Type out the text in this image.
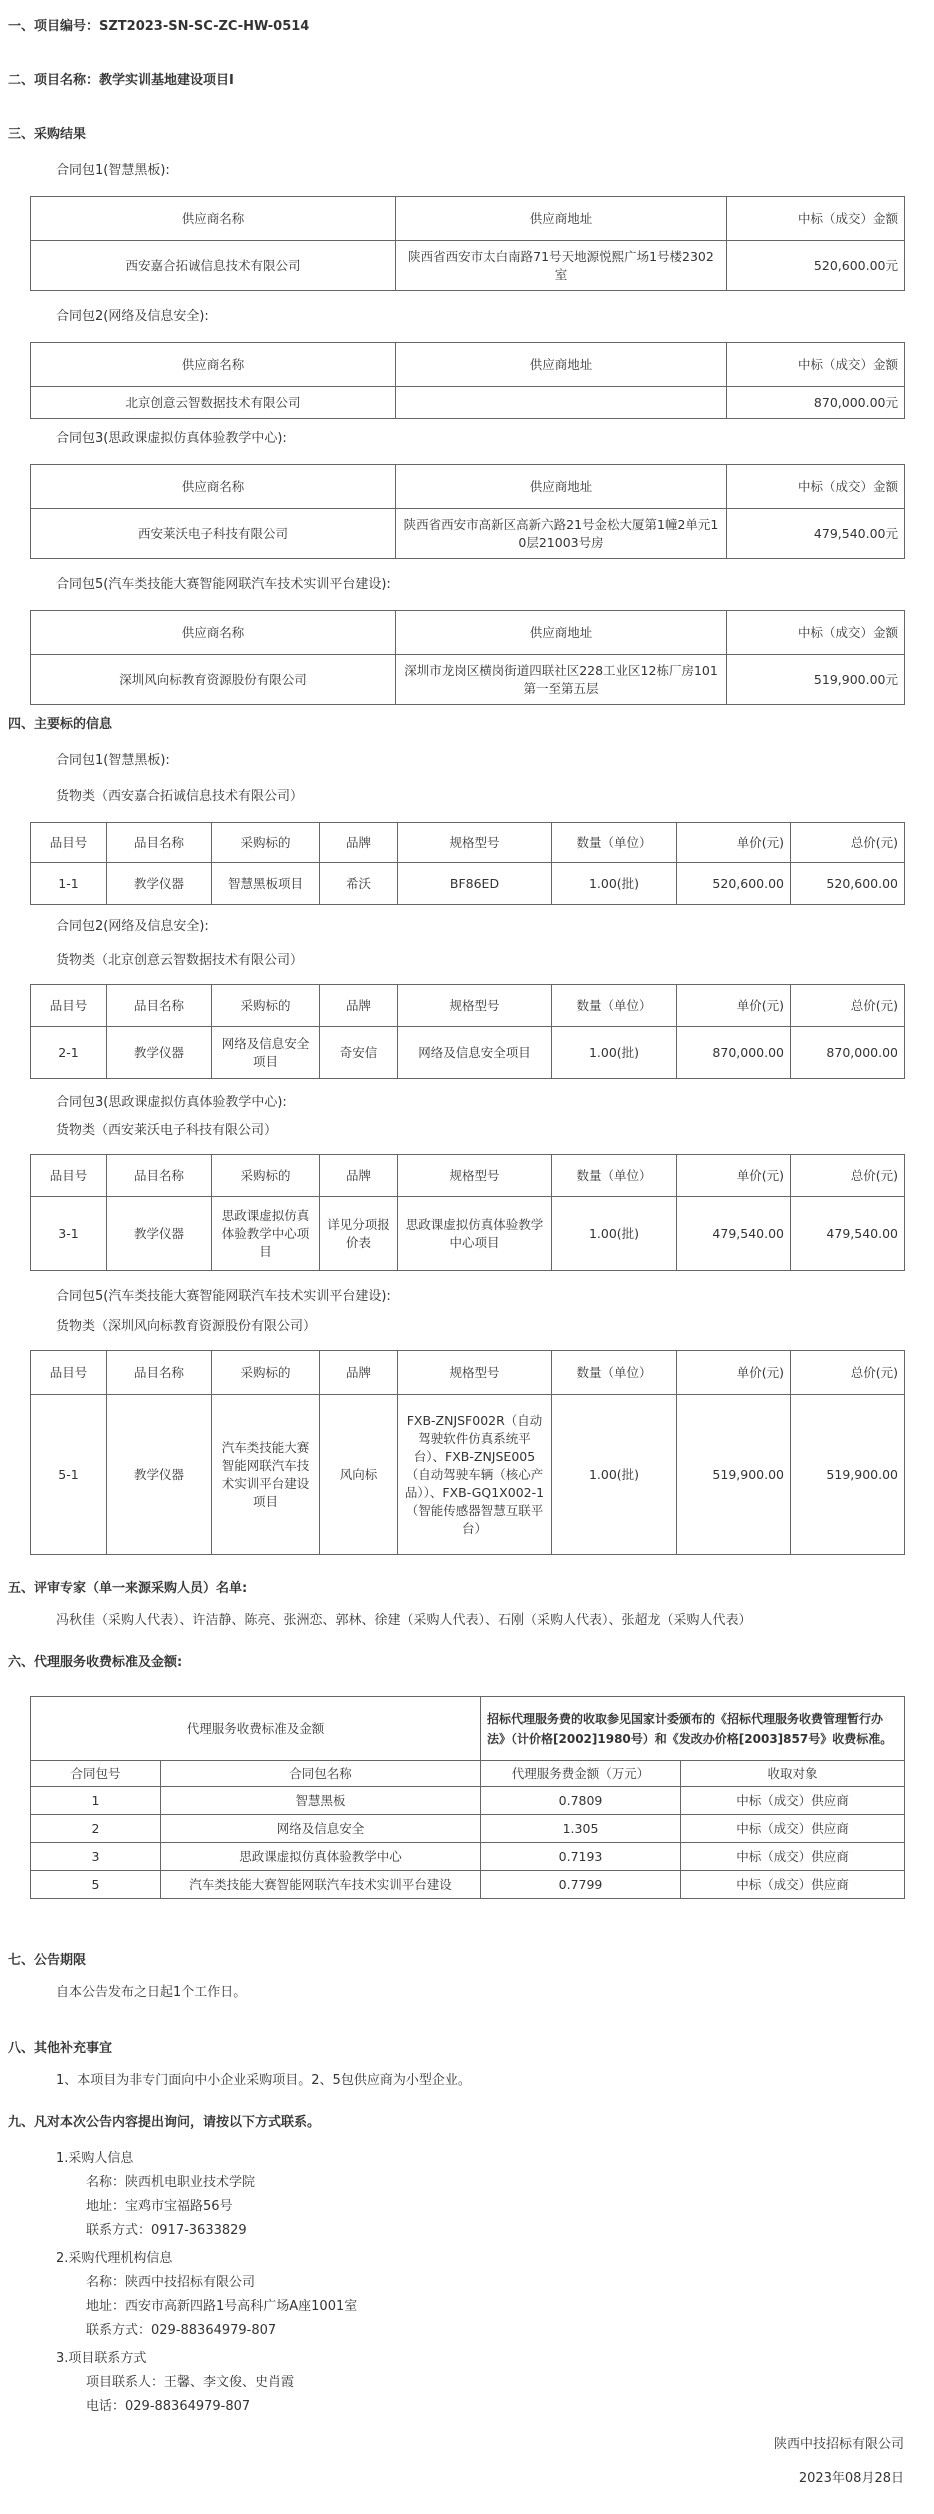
一、项目编号：SZT2023-SN-SC-ZC-HW-0514
二、项目名称：教学实训基地建设项目Ⅰ
三、采购结果
合同包1(智慧黑板):
供应商名称	供应商地址	中标（成交）金额
西安嘉合拓诚信息技术有限公司	陕西省西安市太白南路71号天地源悦熙广场1号楼2302室	520,600.00元
合同包2(网络及信息安全):
供应商名称	供应商地址	中标（成交）金额
北京创意云智数据技术有限公司		870,000.00元
合同包3(思政课虚拟仿真体验教学中心):
供应商名称	供应商地址	中标（成交）金额
西安莱沃电子科技有限公司	陕西省西安市高新区高新六路21号金松大厦第1幢2单元10层21003号房	479,540.00元
合同包5(汽车类技能大赛智能网联汽车技术实训平台建设):
供应商名称	供应商地址	中标（成交）金额
深圳风向标教育资源股份有限公司	深圳市龙岗区横岗街道四联社区228工业区12栋厂房101第一至第五层	519,900.00元
四、主要标的信息
合同包1(智慧黑板):
货物类（西安嘉合拓诚信息技术有限公司）
品目号	品目名称	采购标的	品牌	规格型号	数量（单位）	单价(元)	总价(元)
1-1	教学仪器	智慧黑板项目	希沃	BF86ED	1.00(批)	520,600.00	520,600.00
合同包2(网络及信息安全):
货物类（北京创意云智数据技术有限公司）
品目号	品目名称	采购标的	品牌	规格型号	数量（单位）	单价(元)	总价(元)
2-1	教学仪器	网络及信息安全项目	奇安信	网络及信息安全项目	1.00(批)	870,000.00	870,000.00
合同包3(思政课虚拟仿真体验教学中心):
货物类（西安莱沃电子科技有限公司）
品目号	品目名称	采购标的	品牌	规格型号	数量（单位）	单价(元)	总价(元)
3-1	教学仪器	思政课虚拟仿真体验教学中心项目	详见分项报价表	思政课虚拟仿真体验教学中心项目	1.00(批)	479,540.00	479,540.00
合同包5(汽车类技能大赛智能网联汽车技术实训平台建设):
货物类（深圳风向标教育资源股份有限公司）
品目号	品目名称	采购标的	品牌	规格型号	数量（单位）	单价(元)	总价(元)
5-1	教学仪器	汽车类技能大赛智能网联汽车技术实训平台建设项目	风向标	FXB-ZNJSF002R（自动驾驶软件仿真系统平台）、FXB-ZNJSE005（自动驾驶车辆（核心产品））、FXB-GQ1X002-1（智能传感器智慧互联平台）	1.00(批)	519,900.00	519,900.00
五、评审专家（单一来源采购人员）名单:
冯秋佳（采购人代表）、许洁静、陈亮、张洲恋、郭林、徐建（采购人代表）、石刚（采购人代表）、张超龙（采购人代表）
六、代理服务收费标准及金额:
代理服务收费标准及金额		招标代理服务费的收取参见国家计委颁布的《招标代理服务收费管理暂行办法》（计价格[2002]1980号）和《发改办价格[2003]857号》收费标准。	
合同包号	合同包名称	代理服务费金额（万元）	收取对象
1	智慧黑板	0.7809	中标（成交）供应商
2	网络及信息安全	1.305	中标（成交）供应商
3	思政课虚拟仿真体验教学中心	0.7193	中标（成交）供应商
5	汽车类技能大赛智能网联汽车技术实训平台建设	0.7799	中标（成交）供应商
七、公告期限
自本公告发布之日起1个工作日。
八、其他补充事宜
1、本项目为非专门面向中小企业采购项目。2、5包供应商为小型企业。
九、凡对本次公告内容提出询问，请按以下方式联系。
1.采购人信息
名称：陕西机电职业技术学院
地址：宝鸡市宝福路56号
联系方式：0917-3633829
2.采购代理机构信息
名称：陕西中技招标有限公司
地址：西安市高新四路1号高科广场A座1001室
联系方式：029-88364979-807
3.项目联系方式
项目联系人：王馨、李文俊、史肖霞
电话：029-88364979-807
陕西中技招标有限公司
2023年08月28日
